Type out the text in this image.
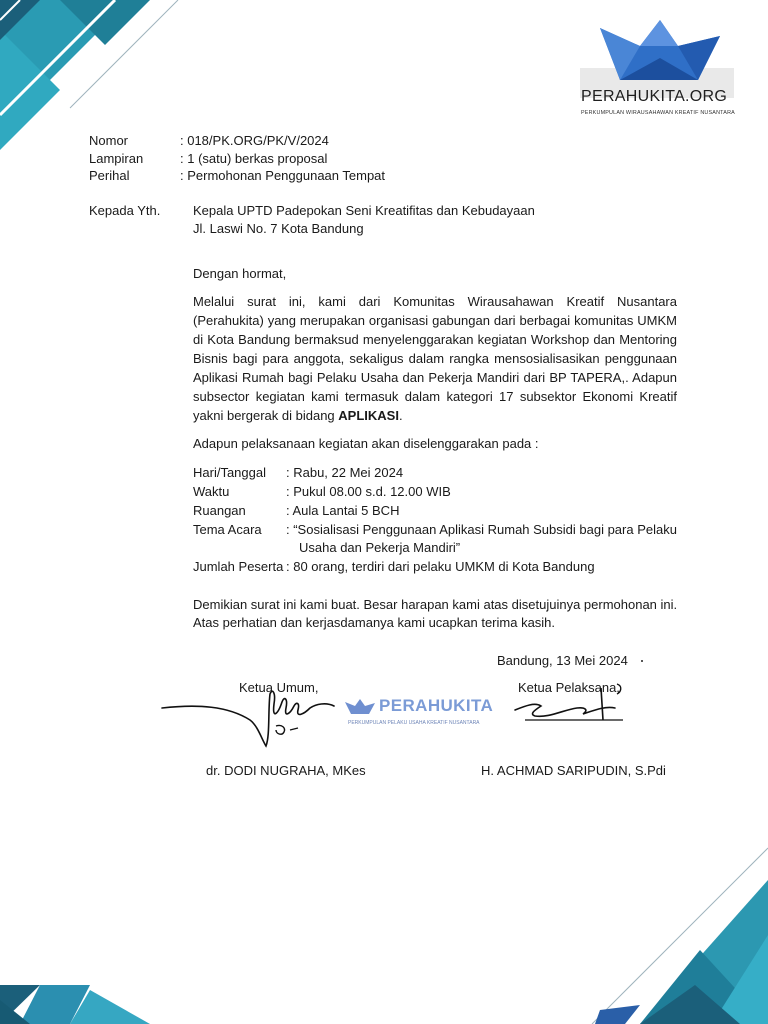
PERAHUKITA.ORG
PERKUMPULAN WIRAUSAHAWAN KREATIF NUSANTARA
Nomor	: 018/PK.ORG/PK/V/2024
Lampiran	: 1 (satu) berkas proposal
Perihal	: Permohonan Penggunaan Tempat
Kepada Yth.	Kepala UPTD Padepokan Seni Kreatifitas dan Kebudayaan
Jl. Laswi No. 7 Kota Bandung
Dengan hormat,
Melalui surat ini, kami dari Komunitas Wirausahawan Kreatif Nusantara (Perahukita) yang merupakan organisasi gabungan dari berbagai komunitas UMKM di Kota Bandung bermaksud menyelenggarakan kegiatan Workshop dan Mentoring Bisnis bagi para anggota, sekaligus dalam rangka mensosialisasikan penggunaan Aplikasi Rumah bagi Pelaku Usaha dan Pekerja Mandiri dari BP TAPERA,. Adapun subsector kegiatan kami termasuk dalam kategori 17 subsektor Ekonomi Kreatif yakni bergerak di bidang APLIKASI.
Adapun pelaksanaan kegiatan akan diselenggarakan pada :
Hari/Tanggal : Rabu, 22 Mei 2024
Waktu	: Pukul 08.00 s.d. 12.00 WIB
Ruangan	: Aula Lantai 5 BCH
Tema Acara : “Sosialisasi Penggunaan Aplikasi Rumah Subsidi bagi para Pelaku
Usaha dan Pekerja Mandiri”
Jumlah Peserta : 80 orang, terdiri dari pelaku UMKM di Kota Bandung
Demikian surat ini kami buat. Besar harapan kami atas disetujuinya permohonan ini.
Atas perhatian dan kerjasdamanya kami ucapkan terima kasih.
Bandung, 13 Mei 2024
Ketua Umum,	Ketua Pelaksana,
PERAHUKITA
PERKUMPULAN PELAKU USAHA KREATIF NUSANTARA
dr. DODI NUGRAHA, MKes	H. ACHMAD SARIPUDIN, S.Pdi
